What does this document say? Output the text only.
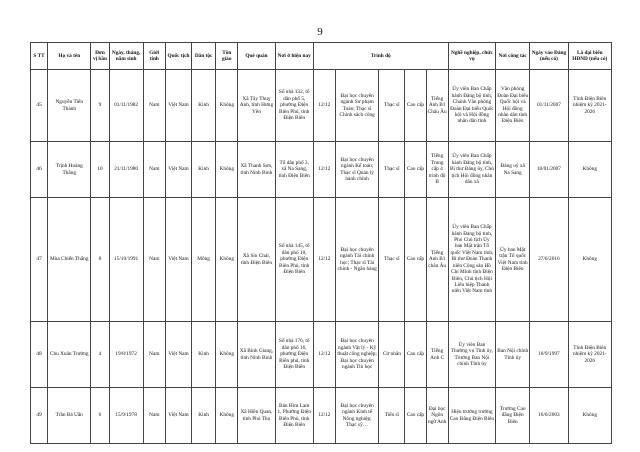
9
S TT	Họ và tên	Đơn vị bầu	Ngày, tháng, năm sinh	Giới tính	Quốc tịch	Dân tộc	Tôn giáo	Quê quán	Nơi ở hiện nay	Trình độ					Nghề nghiệp, chức vụ	Nơi công tác	Ngày vào Đảng (nếu có)	Là đại biểu HĐND (nếu có)
45	Nguyễn Tiến Thành	9	01/11/1982	Nam	Việt Nam	Kinh	Không	Xã Tây Thuỵ Anh, tỉnh Hưng Yên	Số nhà 132, tổ dân phố 5, phường Điện Biên Phủ, tỉnh Điện Biên	12/12	Đại học chuyên ngành Sư phạm Toán; Thạc sĩ Chính sách công	Thạc sĩ	Cao cấp	Tiếng Anh B1 Châu Âu	Ủy viên Ban Chấp hành Đảng bộ tỉnh, Chánh Văn phòng Đoàn Đại biểu Quốc hội và Hội đồng nhân dân tỉnh	Văn phòng Đoàn Đại biểu Quốc hội và Hội đồng nhân dân tỉnh Điện Biên	01/11/2007	Tỉnh Điện Biên nhiệm kỳ 2021-2026
46	Trịnh Hoàng Thắng	10	21/11/1980	Nam	Việt Nam	Kinh	Không	Xã Thanh Sơn, tỉnh Ninh Bình	Tổ dân phố 3, xã Na Sang, tỉnh Điện Biên	12/12	Đại học chuyên ngành Kế toán; Thạc sĩ Quản lý hành chính	Thạc sĩ	Cao cấp	Tiếng Trung cấp 4 trình độ B	Ủy viên Ban Chấp hành Đảng bộ tỉnh, Bí thư Đảng ủy, Chủ tịch Hội đồng nhân dân xã	Đảng uỷ xã Na Sang	10/01/2007	Không
47	Mùa Chiến Thắng	8	15/10/1991	Nam	Việt Nam	Mông	Không	Xã Sín Chải, tỉnh Điện Biên	Số nhà 145, tổ dân phố 10, phường Điện Biên Phủ, tỉnh Điện Biên	12/12	Đại học chuyên ngành Tài chính học; Thạc sĩ Tài chính - Ngân hàng	Thạc sĩ	Cao cấp	Tiếng Anh B1 châu Âu	Ủy viên Ban Chấp hành Đảng bộ tỉnh, Phó Chủ tịch Ủy ban Mặt trận Tổ quốc Việt Nam tỉnh, Bí thư Đoàn Thanh niên Cộng sản Hồ Chí Minh tỉnh Điện Biên, Chủ tịch Hội Liên hiệp Thanh niên Việt Nam tỉnh	Ủy ban Mặt trận Tổ quốc Việt Nam tỉnh Điện Biên	27/6/2016	Không
48	Chu Xuân Trường	4	19/8/1972	Nam	Việt Nam	Kinh	Không	Xã Bình Giang, tỉnh Ninh Bình	Số nhà 176, tổ dân phố 16, phường Điện Biên phủ, tỉnh Điện Biên	12/12	Đại học chuyên ngành Vật lý - Kỹ thuật công nghiệp; Đại học chuyên ngành Tin học	Cử nhân	Cao cấp	Tiếng Anh C	Ủy viên Ban Thường vụ Tỉnh ủy, Trưởng Ban Nội chính Tỉnh ủy	Ban Nội chính Tỉnh ủy	10/9/1997	Tỉnh Điện Biên nhiệm kỳ 2021-2026
49	Trần Bá Uẩn	6	15/9/1978	Nam	Việt Nam	Kinh	Không	Xã Hiền Quan, tỉnh Phú Thọ	Bản Him Lam 1, Phường Điện Biên Phủ, tỉnh Điện Biên	12/12	Đại học chuyên ngành Kinh tế Nông nghiệp; Thạc sỹ…	Tiến sĩ	Cao cấp	Đại học Ngôn ngữ Anh	Hiệu trưởng trường Cao Đẳng Điện Biên	Trường Cao đẳng Điện Biên	16/6/2003	Không
